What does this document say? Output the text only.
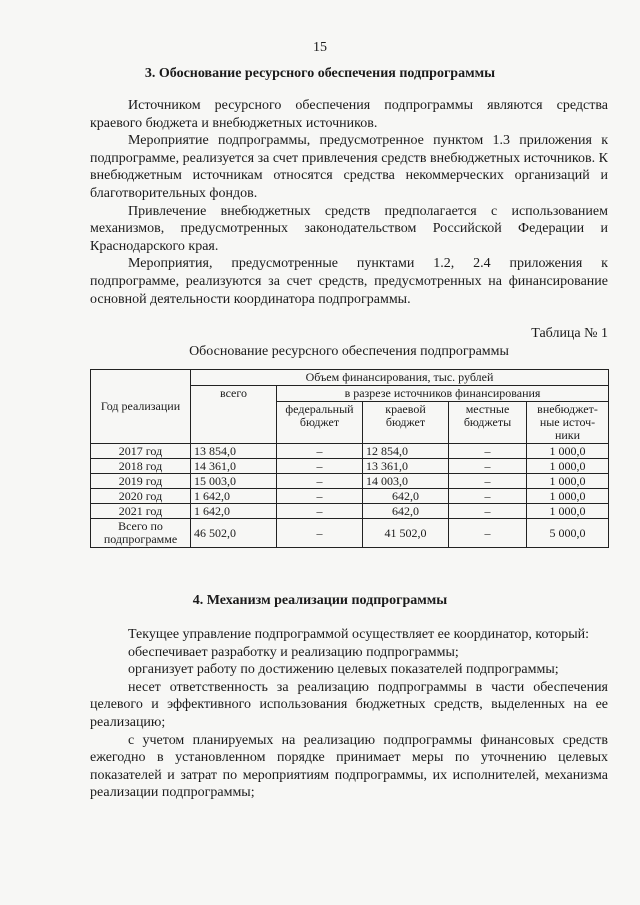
15
3. Обоснование ресурсного обеспечения подпрограммы

Источником ресурсного обеспечения подпрограммы являются средства краевого бюджета и внебюджетных источников.

Мероприятие подпрограммы, предусмотренное пунктом 1.3 приложения к подпрограмме, реализуется за счет привлечения средств внебюджетных источников. К внебюджетным источникам относятся средства некоммерческих организаций и благотворительных фондов.

Привлечение внебюджетных средств предполагается с использованием механизмов, предусмотренных законодательством Российской Федерации и Краснодарского края.

Мероприятия, предусмотренные пунктами 1.2, 2.4 приложения к подпрограмме, реализуются за счет средств, предусмотренных на финансирование основной деятельности координатора подпрограммы.

Таблица № 1
Обоснование ресурсного обеспечения подпрограммы
Год реализации	Объем финансирования, тыс. рублей				
	всего	в разрезе источников финансирования			
		федеральный бюджет	краевой бюджет	местные бюджеты	внебюджет-ные источ-ники
2017 год	13 854,0	–	12 854,0	–	1 000,0
2018 год	14 361,0	–	13 361,0	–	1 000,0
2019 год	15 003,0	–	14 003,0	–	1 000,0
2020 год	1 642,0	–	642,0	–	1 000,0
2021 год	1 642,0	–	642,0	–	1 000,0
Всего по подпрограмме	46 502,0	–	41 502,0	–	5 000,0
4. Механизм реализации подпрограммы

Текущее управление подпрограммой осуществляет ее координатор, который:

обеспечивает разработку и реализацию подпрограммы;

организует работу по достижению целевых показателей подпрограммы;

несет ответственность за реализацию подпрограммы в части обеспечения целевого и эффективного использования бюджетных средств, выделенных на ее реализацию;

с учетом планируемых на реализацию подпрограммы финансовых средств ежегодно в установленном порядке принимает меры по уточнению целевых показателей и затрат по мероприятиям подпрограммы, их исполнителей, механизма реализации подпрограммы;
